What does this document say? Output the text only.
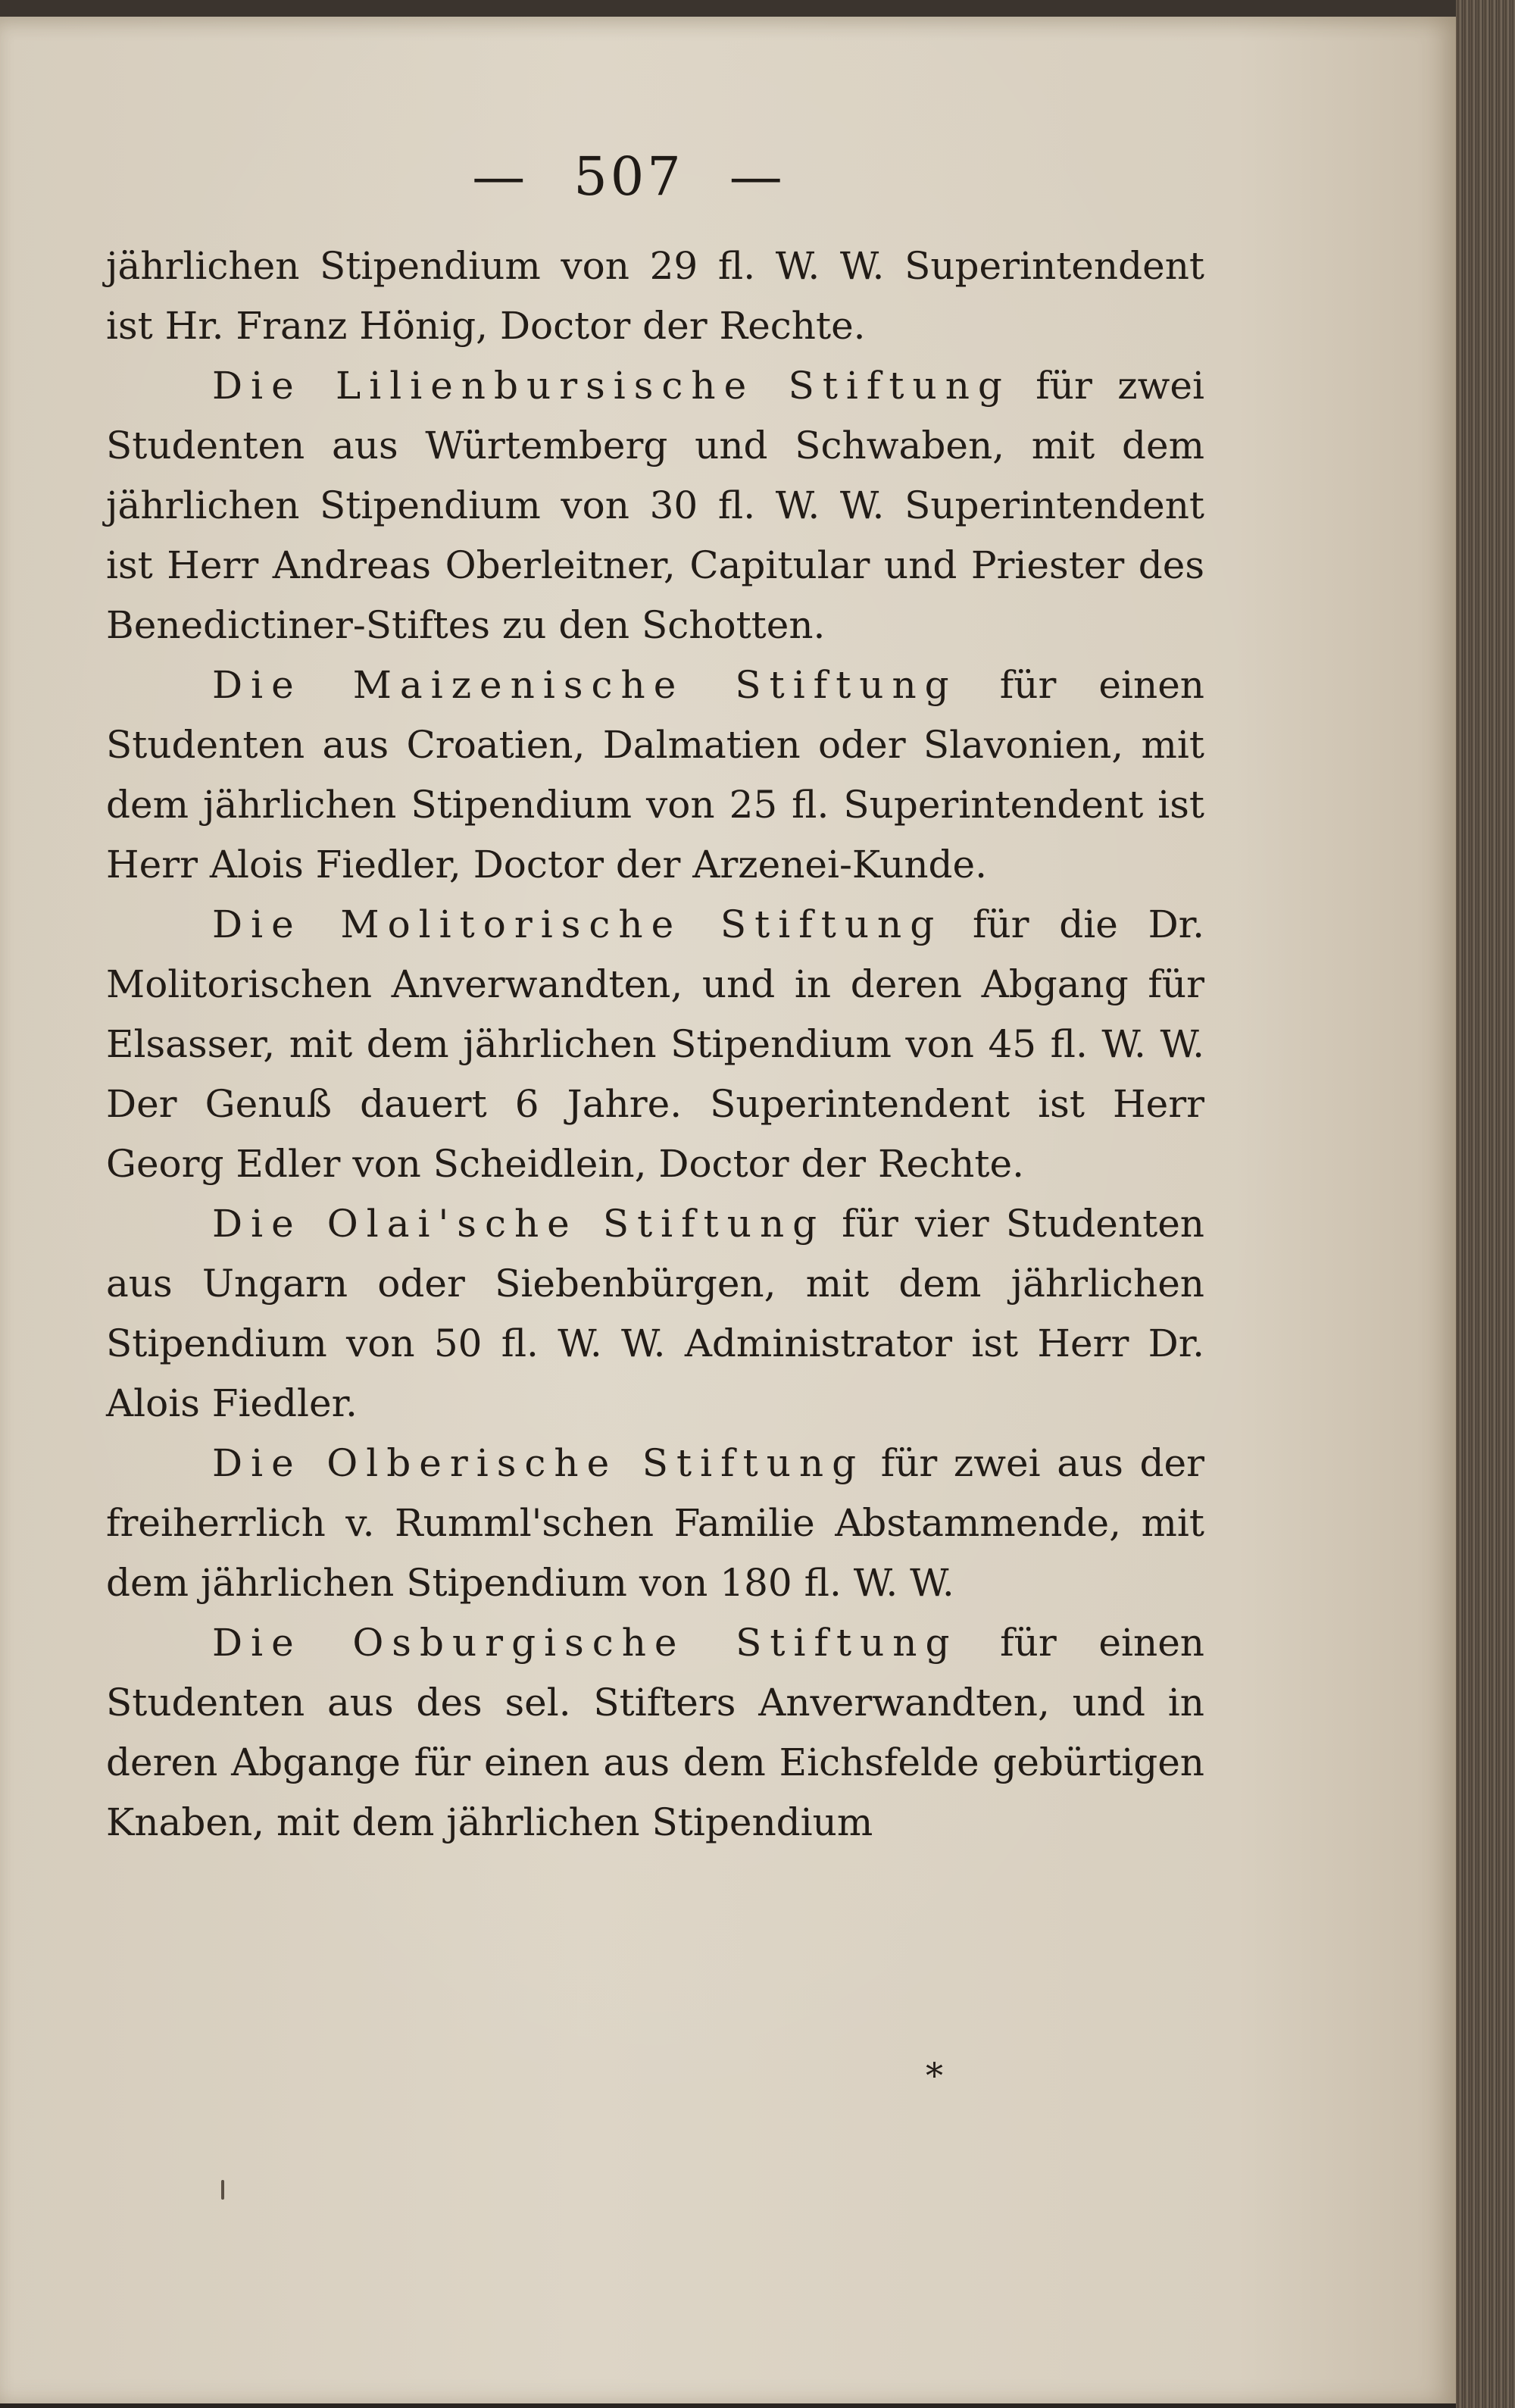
— 507 —

jährlichen Stipendium von 29 fl. W. W. Superintendent ist Hr. Franz Hönig, Doctor der Rechte.

Die Lilienbursische Stiftung für zwei Studenten aus Würtemberg und Schwaben, mit dem jährlichen Stipendium von 30 fl. W. W. Superintendent ist Herr Andreas Oberleitner, Capitular und Priester des Benedictiner-Stiftes zu den Schotten.

Die Maizenische Stiftung für einen Studenten aus Croatien, Dalmatien oder Slavonien, mit dem jährlichen Stipendium von 25 fl. Superintendent ist Herr Alois Fiedler, Doctor der Arzenei-Kunde.

Die Molitorische Stiftung für die Dr. Molitorischen Anverwandten, und in deren Abgang für Elsasser, mit dem jährlichen Stipendium von 45 fl. W. W. Der Genuß dauert 6 Jahre. Superintendent ist Herr Georg Edler von Scheidlein, Doctor der Rechte.

Die Olai'sche Stiftung für vier Studenten aus Ungarn oder Siebenbürgen, mit dem jährlichen Stipendium von 50 fl. W. W. Administrator ist Herr Dr. Alois Fiedler.

Die Olberische Stiftung für zwei aus der freiherrlich v. Rumml'schen Familie Abstammende, mit dem jährlichen Stipendium von 180 fl. W. W.

Die Osburgische Stiftung für einen Studenten aus des sel. Stifters Anverwandten, und in deren Abgange für einen aus dem Eichsfelde gebürtigen Knaben, mit dem jährlichen Stipendium

*
